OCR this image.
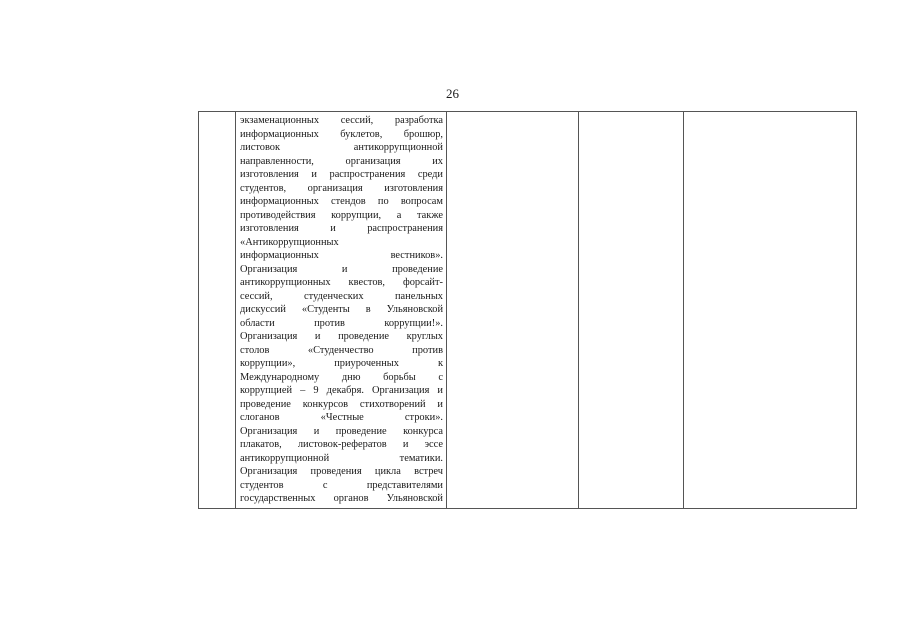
26

экзаменационных сессий, разработка
информационных буклетов, брошюр,
листовок антикоррупционной
направленности, организация их
изготовления и распространения среди
студентов, организация изготовления
информационных стендов по вопросам
противодействия коррупции, а также
изготовления и распространения
«Антикоррупционных
информационных вестников».
Организация и проведение
антикоррупционных квестов, форсайт-
сессий, студенческих панельных
дискуссий «Студенты в Ульяновской
области против коррупции!».
Организация и проведение круглых
столов «Студенчество против
коррупции», приуроченных к
Международному дню борьбы с
коррупцией – 9 декабря. Организация и
проведение конкурсов стихотворений и
слоганов «Честные строки».
Организация и проведение конкурса
плакатов, листовок-рефератов и эссе
антикоррупционной тематики.
Организация проведения цикла встреч
студентов с представителями
государственных органов Ульяновской
